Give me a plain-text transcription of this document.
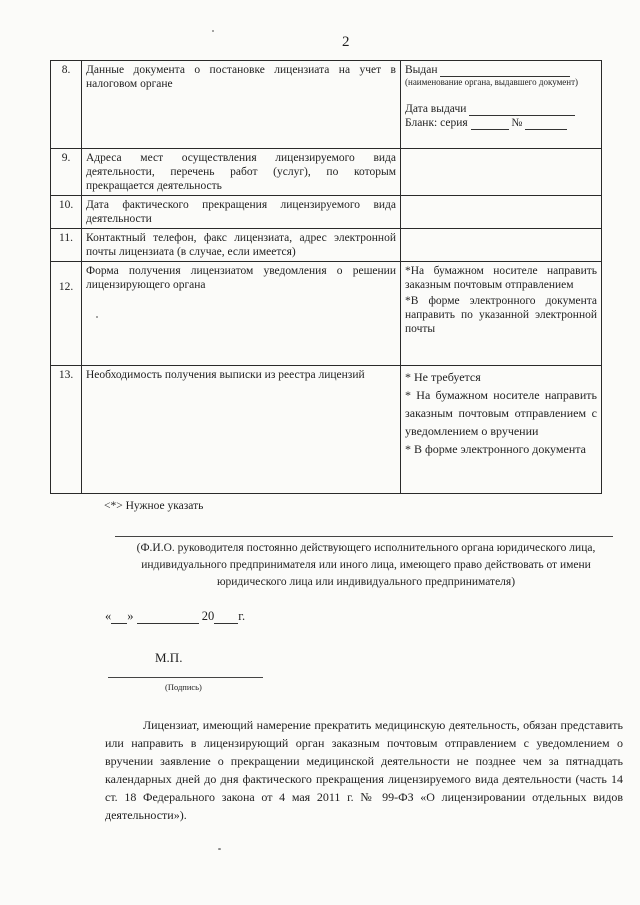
2
8.	Данные документа о постановке лицензиата на учет в налоговом органе	Выдан
(наименование органа, выдавшего документ)
Дата выдачи
Бланк: серия №

9.	Адреса мест осуществления лицензируемого вида деятельности, перечень работ (услуг), по которым прекращается деятельность	
10.	Дата фактического прекращения лицензируемого вида деятельности	
11.	Контактный телефон, факс лицензиата, адрес электронной почты лицензиата (в случае, если имеется)	
12.	Форма получения лицензиатом уведомления о решении лицензирующего органа	*На бумажном носителе направить заказным почтовым отправлением
*В форме электронного документа направить по указанной электронной почты

13.	Необходимость получения выписки из реестра лицензий	* Не требуется
* На бумажном носителе направить заказным почтовым отправлением с уведомлением о вручении
* В форме электронного документа
<*> Нужное указать
(Ф.И.О. руководителя постоянно действующего исполнительного органа юридического лица, индивидуального предпринимателя или иного лица, имеющего право действовать от имени юридического лица или индивидуального предпринимателя)
« »	20 г.
М.П.
(Подпись)
Лицензиат, имеющий намерение прекратить медицинскую деятельность, обязан представить или направить в лицензирующий орган заказным почтовым отправлением с уведомлением о вручении заявление о прекращении медицинской деятельности не позднее чем за пятнадцать календарных дней до дня фактического прекращения лицензируемого вида деятельности (часть 14 ст. 18 Федерального закона от 4 мая 2011 г. № 99-ФЗ «О лицензировании отдельных видов деятельности»).
